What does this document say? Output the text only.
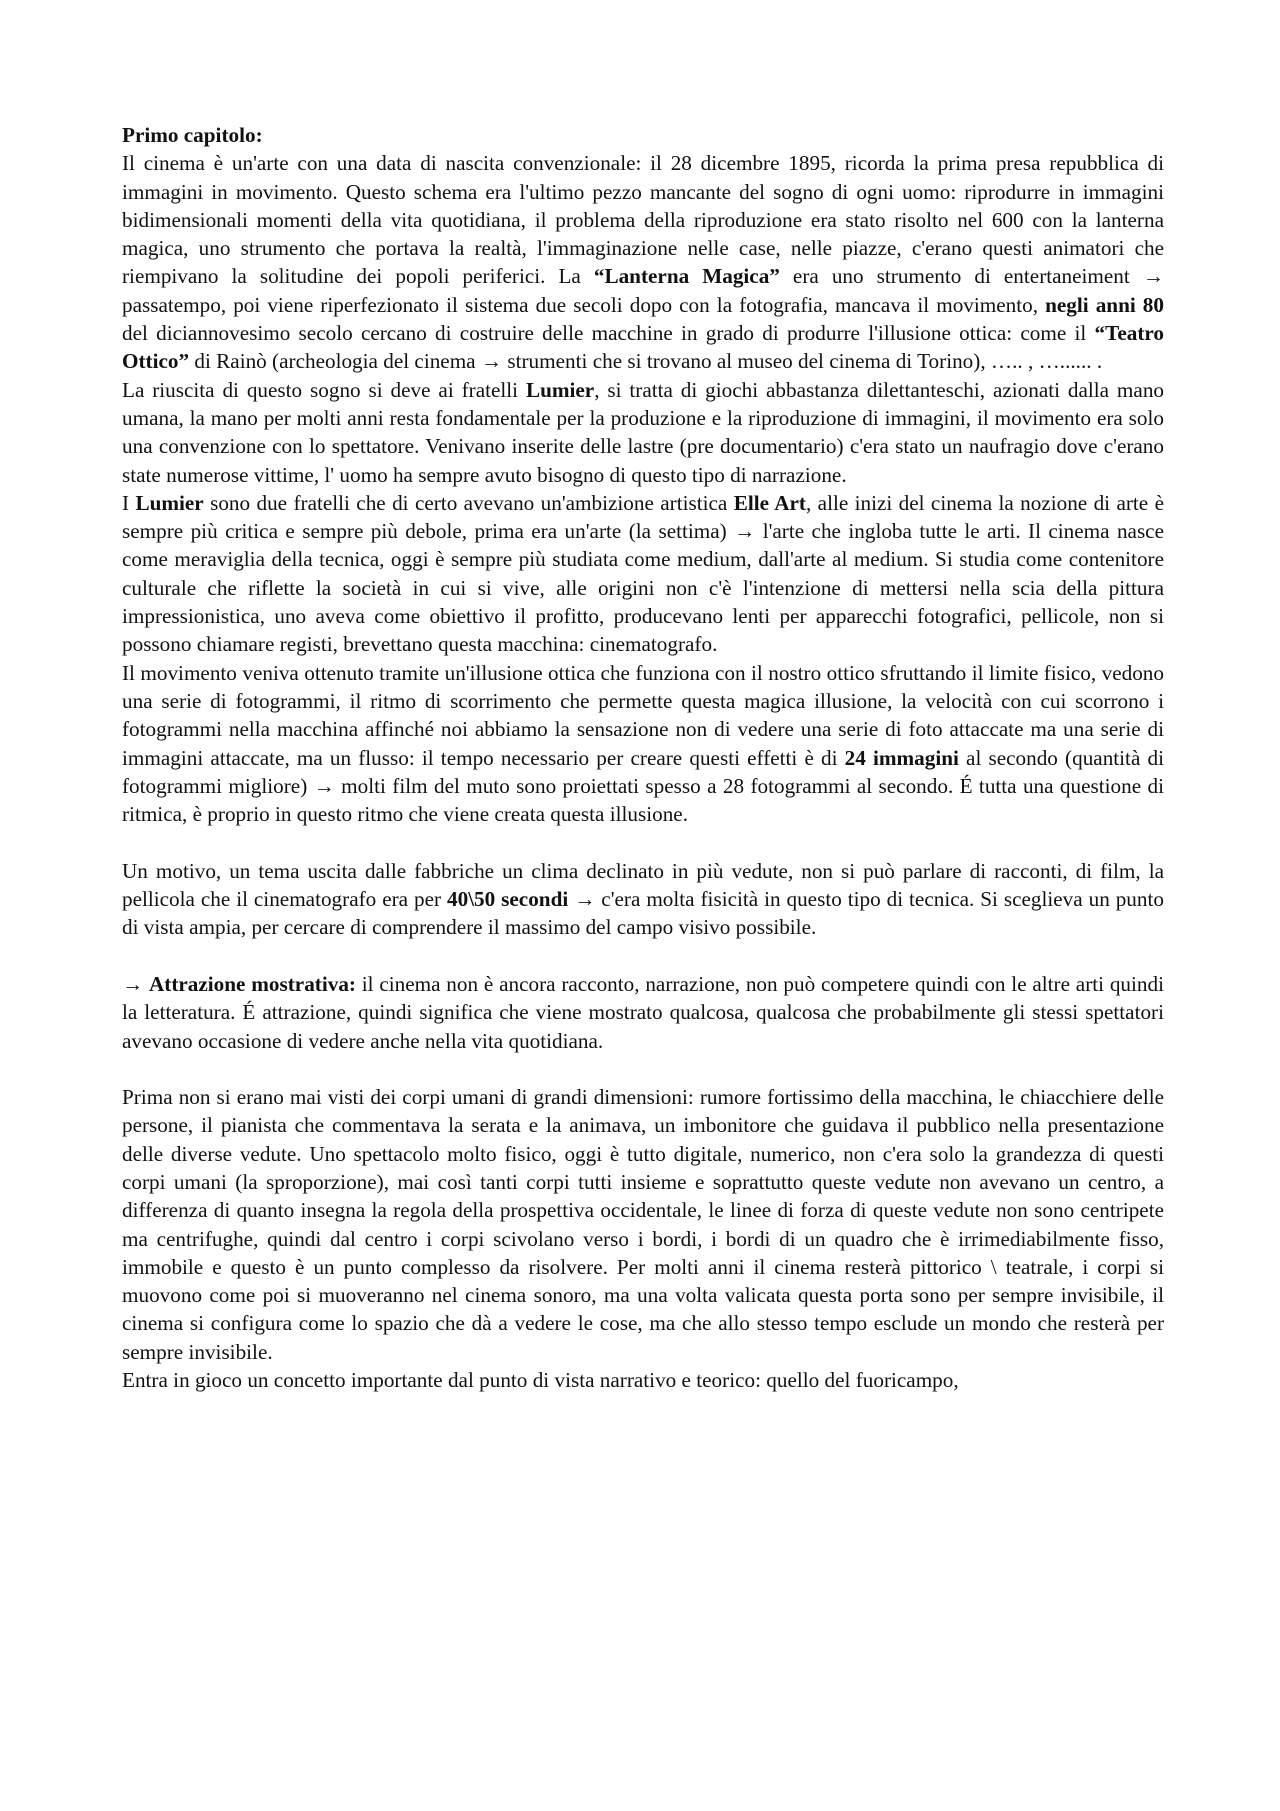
Primo capitolo:

Il cinema è un'arte con una data di nascita convenzionale: il 28 dicembre 1895, ricorda la prima presa repubblica di immagini in movimento. Questo schema era l'ultimo pezzo mancante del sogno di ogni uomo: riprodurre in immagini bidimensionali momenti della vita quotidiana, il problema della riproduzione era stato risolto nel 600 con la lanterna magica, uno strumento che portava la realtà, l'immaginazione nelle case, nelle piazze, c'erano questi animatori che riempivano la solitudine dei popoli periferici. La “Lanterna Magica” era uno strumento di entertaneiment → passatempo, poi viene riperfezionato il sistema due secoli dopo con la fotografia, mancava il movimento, negli anni 80 del diciannovesimo secolo cercano di costruire delle macchine in grado di produrre l'illusione ottica: come il “Teatro Ottico” di Rainò (archeologia del cinema → strumenti che si trovano al museo del cinema di Torino), ….. , …...... .

La riuscita di questo sogno si deve ai fratelli Lumier, si tratta di giochi abbastanza dilettanteschi, azionati dalla mano umana, la mano per molti anni resta fondamentale per la produzione e la riproduzione di immagini, il movimento era solo una convenzione con lo spettatore. Venivano inserite delle lastre (pre documentario) c'era stato un naufragio dove c'erano state numerose vittime, l' uomo ha sempre avuto bisogno di questo tipo di narrazione.

I Lumier sono due fratelli che di certo avevano un'ambizione artistica Elle Art, alle inizi del cinema la nozione di arte è sempre più critica e sempre più debole, prima era un'arte (la settima) → l'arte che ingloba tutte le arti. Il cinema nasce come meraviglia della tecnica, oggi è sempre più studiata come medium, dall'arte al medium. Si studia come contenitore culturale che riflette la società in cui si vive, alle origini non c'è l'intenzione di mettersi nella scia della pittura impressionistica, uno aveva come obiettivo il profitto, producevano lenti per apparecchi fotografici, pellicole, non si possono chiamare registi, brevettano questa macchina: cinematografo.

Il movimento veniva ottenuto tramite un'illusione ottica che funziona con il nostro ottico sfruttando il limite fisico, vedono una serie di fotogrammi, il ritmo di scorrimento che permette questa magica illusione, la velocità con cui scorrono i fotogrammi nella macchina affinché noi abbiamo la sensazione non di vedere una serie di foto attaccate ma una serie di immagini attaccate, ma un flusso: il tempo necessario per creare questi effetti è di 24 immagini al secondo (quantità di fotogrammi migliore) → molti film del muto sono proiettati spesso a 28 fotogrammi al secondo. É tutta una questione di ritmica, è proprio in questo ritmo che viene creata questa illusione.

Un motivo, un tema uscita dalle fabbriche un clima declinato in più vedute, non si può parlare di racconti, di film, la pellicola che il cinematografo era per 40\50 secondi → c'era molta fisicità in questo tipo di tecnica. Si sceglieva un punto di vista ampia, per cercare di comprendere il massimo del campo visivo possibile.

→ Attrazione mostrativa: il cinema non è ancora racconto, narrazione, non può competere quindi con le altre arti quindi la letteratura. É attrazione, quindi significa che viene mostrato qualcosa, qualcosa che probabilmente gli stessi spettatori avevano occasione di vedere anche nella vita quotidiana.

Prima non si erano mai visti dei corpi umani di grandi dimensioni: rumore fortissimo della macchina, le chiacchiere delle persone, il pianista che commentava la serata e la animava, un imbonitore che guidava il pubblico nella presentazione delle diverse vedute. Uno spettacolo molto fisico, oggi è tutto digitale, numerico, non c'era solo la grandezza di questi corpi umani (la sproporzione), mai così tanti corpi tutti insieme e soprattutto queste vedute non avevano un centro, a differenza di quanto insegna la regola della prospettiva occidentale, le linee di forza di queste vedute non sono centripete ma centrifughe, quindi dal centro i corpi scivolano verso i bordi, i bordi di un quadro che è irrimediabilmente fisso, immobile e questo è un punto complesso da risolvere. Per molti anni il cinema resterà pittorico \ teatrale, i corpi si muovono come poi si muoveranno nel cinema sonoro, ma una volta valicata questa porta sono per sempre invisibile, il cinema si configura come lo spazio che dà a vedere le cose, ma che allo stesso tempo esclude un mondo che resterà per sempre invisibile.

Entra in gioco un concetto importante dal punto di vista narrativo e teorico: quello del fuoricampo,
